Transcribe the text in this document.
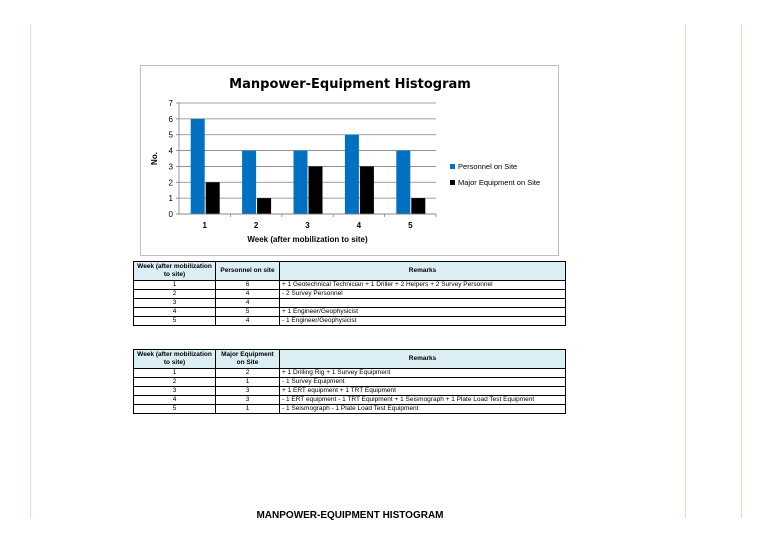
Manpower-Equipment Histogram
0
1
2
3
4
5
6
7
No.
1	2	3	4	5
Week (after mobilization to site)
Personnel on Site
Major Equipment on Site
Week (after mobilization to site)	Personnel on site	Remarks
1	6	+ 1 Geotechnical Technician + 1 Driller + 2 Helpers + 2 Survey Personnel
2	4	- 2 Survey Personnel
3	4	
4	5	+ 1 Engineer/Geophysicist
5	4	- 1 Engineer/Geophysicist
Week (after mobilization to site)	Major Equipment on Site	Remarks
1	2	+ 1 Drilling Rig + 1 Survey Equipment
2	1	- 1 Survey Equipment
3	3	+ 1 ERT equipment + 1 TRT Equipment
4	3	- 1 ERT equipment - 1 TRT Equipment + 1 Seismograph + 1 Plate Load Test Equipment
5	1	- 1 Seismograph - 1 Plate Load Test Equipment
MANPOWER-EQUIPMENT HISTOGRAM
